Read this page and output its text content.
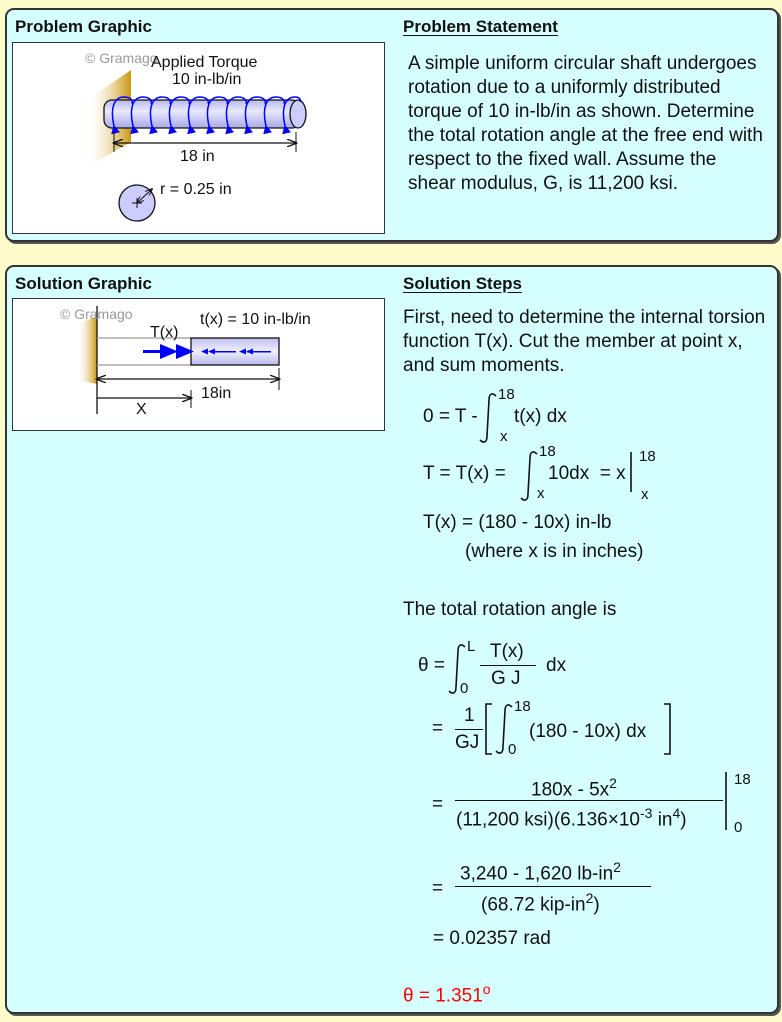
Problem Graphic	Problem Statement
© Gramago
Applied Torque
10 in-lb/in
18 in
r = 0.25 in
A simple uniform circular shaft undergoes rotation due to a uniformly distributed torque of 10 in-lb/in as shown. Determine the total rotation angle at the free end with respect to the fixed wall. Assume the shear modulus, G, is 11,200 ksi.
Solution Graphic	Solution Steps
© Gramago	t(x) = 10 in-lb/in
T(x)
18in
X
First, need to determine the internal torsion function T(x). Cut the member at point x, and sum moments.
0 = T -
18
x
t(x) dx
T = T(x) =
18
x
10dx  = x
18
x
T(x) = (180 - 10x) in-lb
(where x is in inches)
The total rotation angle is
θ =
L
0
T(x)
G J
dx
=
1
GJ
18
0
(180 - 10x) dx
=
$180x - 5x^2$
(11,200 $ksi)(6.136\times 10^{-3}$ $in^4$)
18
0
=
3,240 - 1,620 $lb-in^2$
(68.72 kip-$in^2$)
= 0.02357 rad
$\theta = 1.351^o$
